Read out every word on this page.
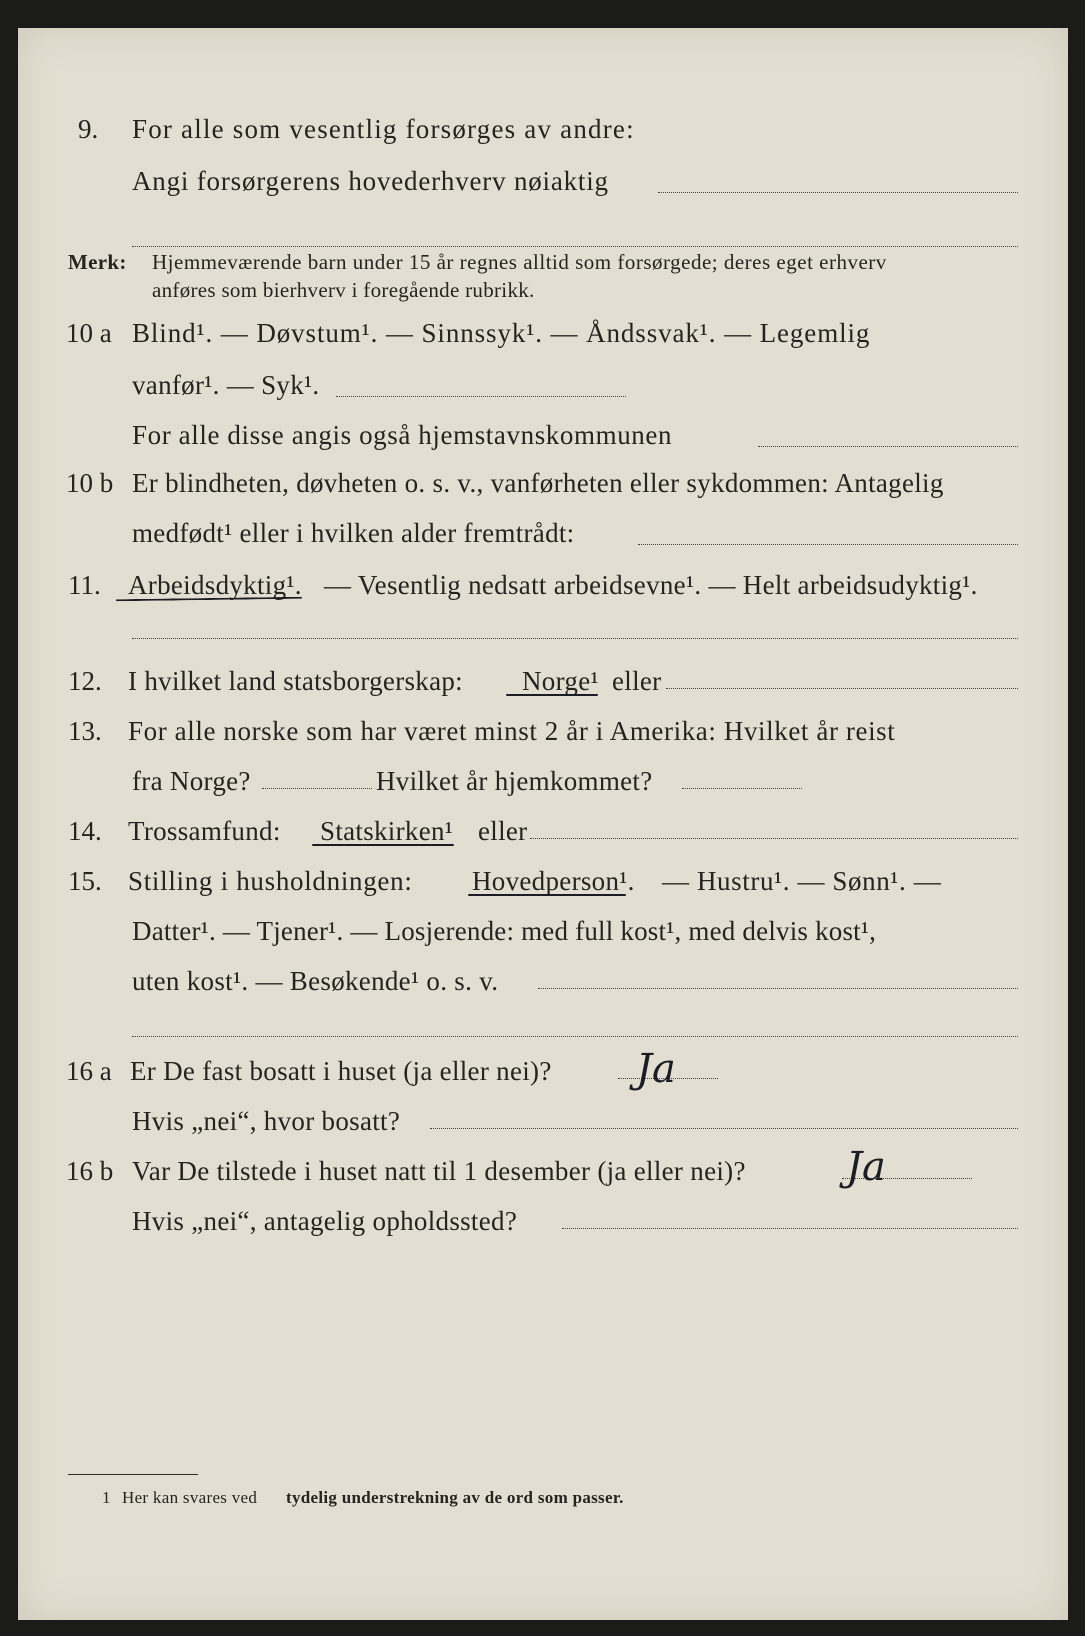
9. For alle som vesentlig forsørges av andre:
Angi forsørgerens hovederhverv nøiaktig
Merk: Hjemmeværende barn under 15 år regnes alltid som forsørgede; deres eget erhverv
anføres som bierhverv i foregående rubrikk.
10 a Blind¹. — Døvstum¹. — Sinnssyk¹. — Åndssvak¹. — Legemlig
vanfør¹. — Syk¹.
For alle disse angis også hjemstavnskommunen
10 b Er blindheten, døvheten o. s. v., vanførheten eller sykdommen: Antagelig
medfødt¹ eller i hvilken alder fremtrådt:
11. Arbeidsdyktig¹. — Vesentlig nedsatt arbeidsevne¹. — Helt arbeidsudyktig¹.
12. I hvilket land statsborgerskap: Norge¹ eller
13. For alle norske som har været minst 2 år i Amerika: Hvilket år reist
fra Norge?	Hvilket år hjemkommet?
14. Trossamfund: Statskirken¹ eller
15. Stilling i husholdningen: Hovedperson¹. — Hustru¹. — Sønn¹. —
Datter¹. — Tjener¹. — Losjerende: med full kost¹, med delvis kost¹,
uten kost¹. — Besøkende¹ o. s. v.
16 a Er De fast bosatt i huset (ja eller nei)? Ja
Hvis „nei“, hvor bosatt?
16 b Var De tilstede i huset natt til 1 desember (ja eller nei)?	Ja
Hvis „nei“, antagelig opholdssted?
1 Her kan svares ved tydelig understrekning av de ord som passer.
